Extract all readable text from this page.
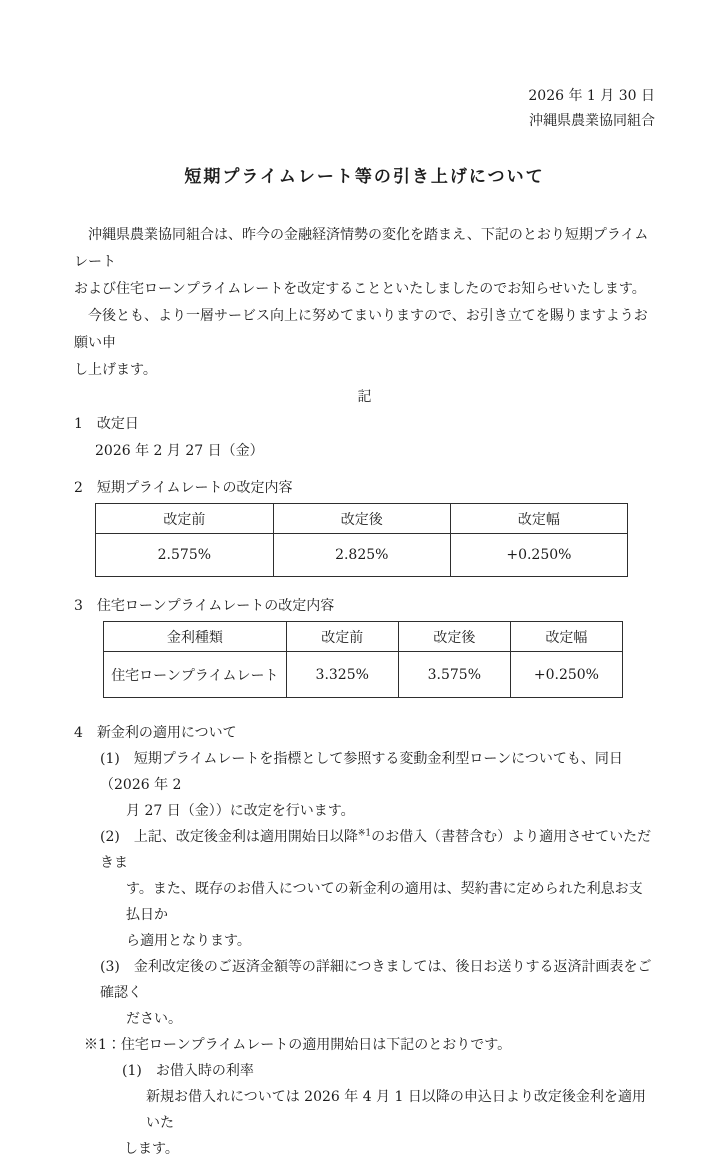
2026 年 1 月 30 日
沖縄県農業協同組合
短期プライムレート等の引き上げについて
　沖縄県農業協同組合は、昨今の金融経済情勢の変化を踏まえ、下記のとおり短期プライムレート
および住宅ローンプライムレートを改定することといたしましたのでお知らせいたします。
　今後とも、より一層サービス向上に努めてまいりますので、お引き立てを賜りますようお願い申
し上げます。
記
1　改定日
2026 年 2 月 27 日（金）
2　短期プライムレートの改定内容
改定前	改定後	改定幅
2.575%	2.825%	+0.250%
3　住宅ローンプライムレートの改定内容
金利種類	改定前	改定後	改定幅
住宅ローンプライムレート	3.325%	3.575%	+0.250%
4　新金利の適用について
(1)　短期プライムレートを指標として参照する変動金利型ローンについても、同日（2026 年 2
月 27 日（金））に改定を行います。
(2)　上記、改定後金利は適用開始日以降$^{※1}$のお借入（書替含む）より適用させていただきま
す。また、既存のお借入についての新金利の適用は、契約書に定められた利息お支払日か
ら適用となります。
(3)　金利改定後のご返済金額等の詳細につきましては、後日お送りする返済計画表をご確認く
ださい。
※1：住宅ローンプライムレートの適用開始日は下記のとおりです。
(1)　お借入時の利率
新規お借入れについては 2026 年 4 月 1 日以降の申込日より改定後金利を適用いた
します。
